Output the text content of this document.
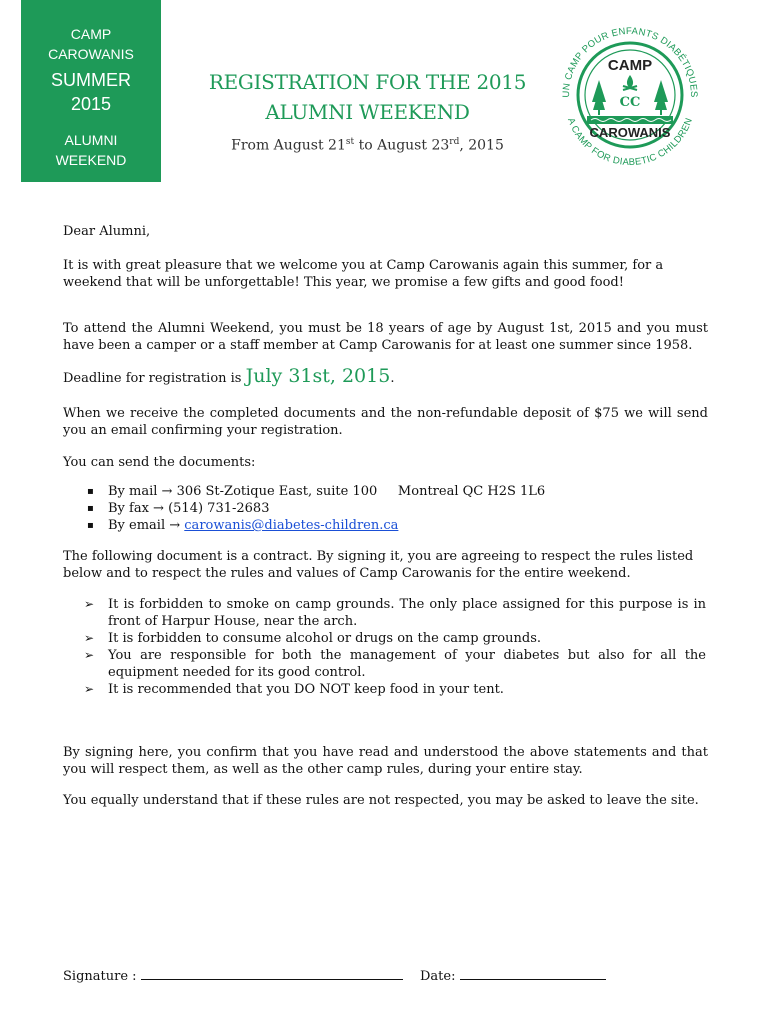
CAMP
CAROWANIS
SUMMER
2015
ALUMNI
WEEKEND
REGISTRATION FOR THE 2015
ALUMNI WEEKEND
From August 21st to August 23rd, 2015
UN CAMP POUR ENFANTS DIABÉTIQUES
A CAMP FOR DIABETIC CHILDREN
CAMP
CC
CAROWANIS
Dear Alumni,
It is with great pleasure that we welcome you at Camp Carowanis again this summer, for a weekend that will be unforgettable! This year, we promise a few gifts and good food!
To attend the Alumni Weekend, you must be 18 years of age by August 1st, 2015 and you must have been a camper or a staff member at Camp Carowanis for at least one summer since 1958.
Deadline for registration is July 31st, 2015.
When we receive the completed documents and the non-refundable deposit of $75 we will send you an email confirming your registration.
You can send the documents:
▪	By mail → 306 St-Zotique East, suite 100     Montreal QC H2S 1L6
▪	By fax → (514) 731-2683
▪	By email → carowanis@diabetes-children.ca
The following document is a contract. By signing it, you are agreeing to respect the rules listed below and to respect the rules and values of Camp Carowanis for the entire weekend.
➢	It is forbidden to smoke on camp grounds. The only place assigned for this purpose is in front of Harpur House, near the arch.
➢	It is forbidden to consume alcohol or drugs on the camp grounds.
➢	You are responsible for both the management of your diabetes but also for all the equipment needed for its good control.
➢	It is recommended that you DO NOT keep food in your tent.
By signing here, you confirm that you have read and understood the above statements and that you will respect them, as well as the other camp rules, during your entire stay.
You equally understand that if these rules are not respected, you may be asked to leave the site.
Signature :	Date:
